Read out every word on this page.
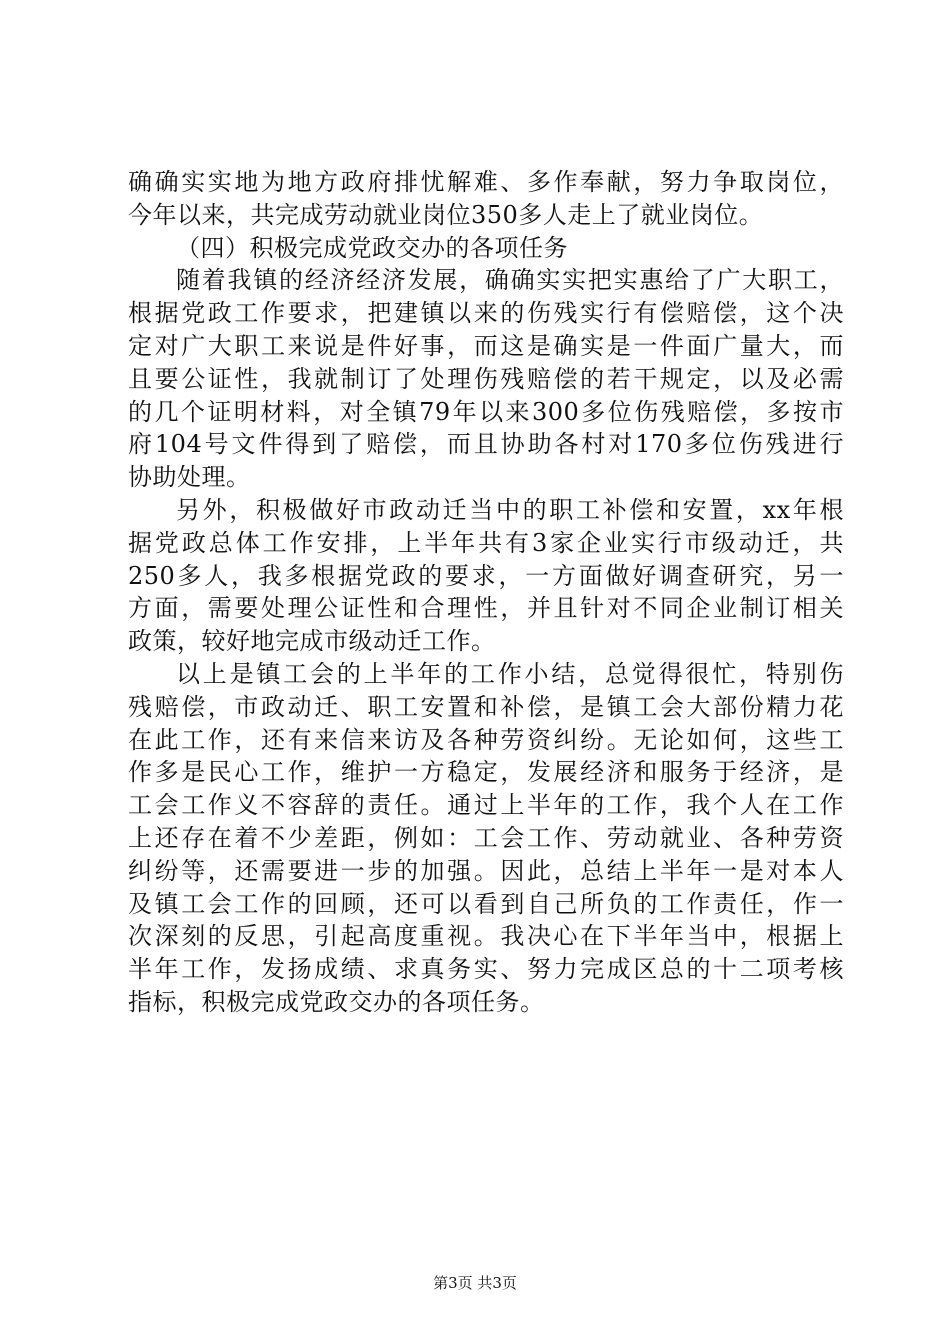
确确实实地为地方政府排忧解难、多作奉献，努力争取岗位，
今年以来，共完成劳动就业岗位350多人走上了就业岗位。
（四）积极完成党政交办的各项任务
随着我镇的经济经济发展，确确实实把实惠给了广大职工，
根据党政工作要求，把建镇以来的伤残实行有偿赔偿，这个决
定对广大职工来说是件好事，而这是确实是一件面广量大，而
且要公证性，我就制订了处理伤残赔偿的若干规定，以及必需
的几个证明材料，对全镇79年以来300多位伤残赔偿，多按市
府104号文件得到了赔偿，而且协助各村对170多位伤残进行
协助处理。
另外，积极做好市政动迁当中的职工补偿和安置，xx年根
据党政总体工作安排，上半年共有3家企业实行市级动迁，共
250多人，我多根据党政的要求，一方面做好调查研究，另一
方面，需要处理公证性和合理性，并且针对不同企业制订相关
政策，较好地完成市级动迁工作。
以上是镇工会的上半年的工作小结，总觉得很忙，特别伤
残赔偿，市政动迁、职工安置和补偿，是镇工会大部份精力花
在此工作，还有来信来访及各种劳资纠纷。无论如何，这些工
作多是民心工作，维护一方稳定，发展经济和服务于经济，是
工会工作义不容辞的责任。通过上半年的工作，我个人在工作
上还存在着不少差距，例如：工会工作、劳动就业、各种劳资
纠纷等，还需要进一步的加强。因此，总结上半年一是对本人
及镇工会工作的回顾，还可以看到自己所负的工作责任，作一
次深刻的反思，引起高度重视。我决心在下半年当中，根据上
半年工作，发扬成绩、求真务实、努力完成区总的十二项考核
指标，积极完成党政交办的各项任务。
第3页 共3页
